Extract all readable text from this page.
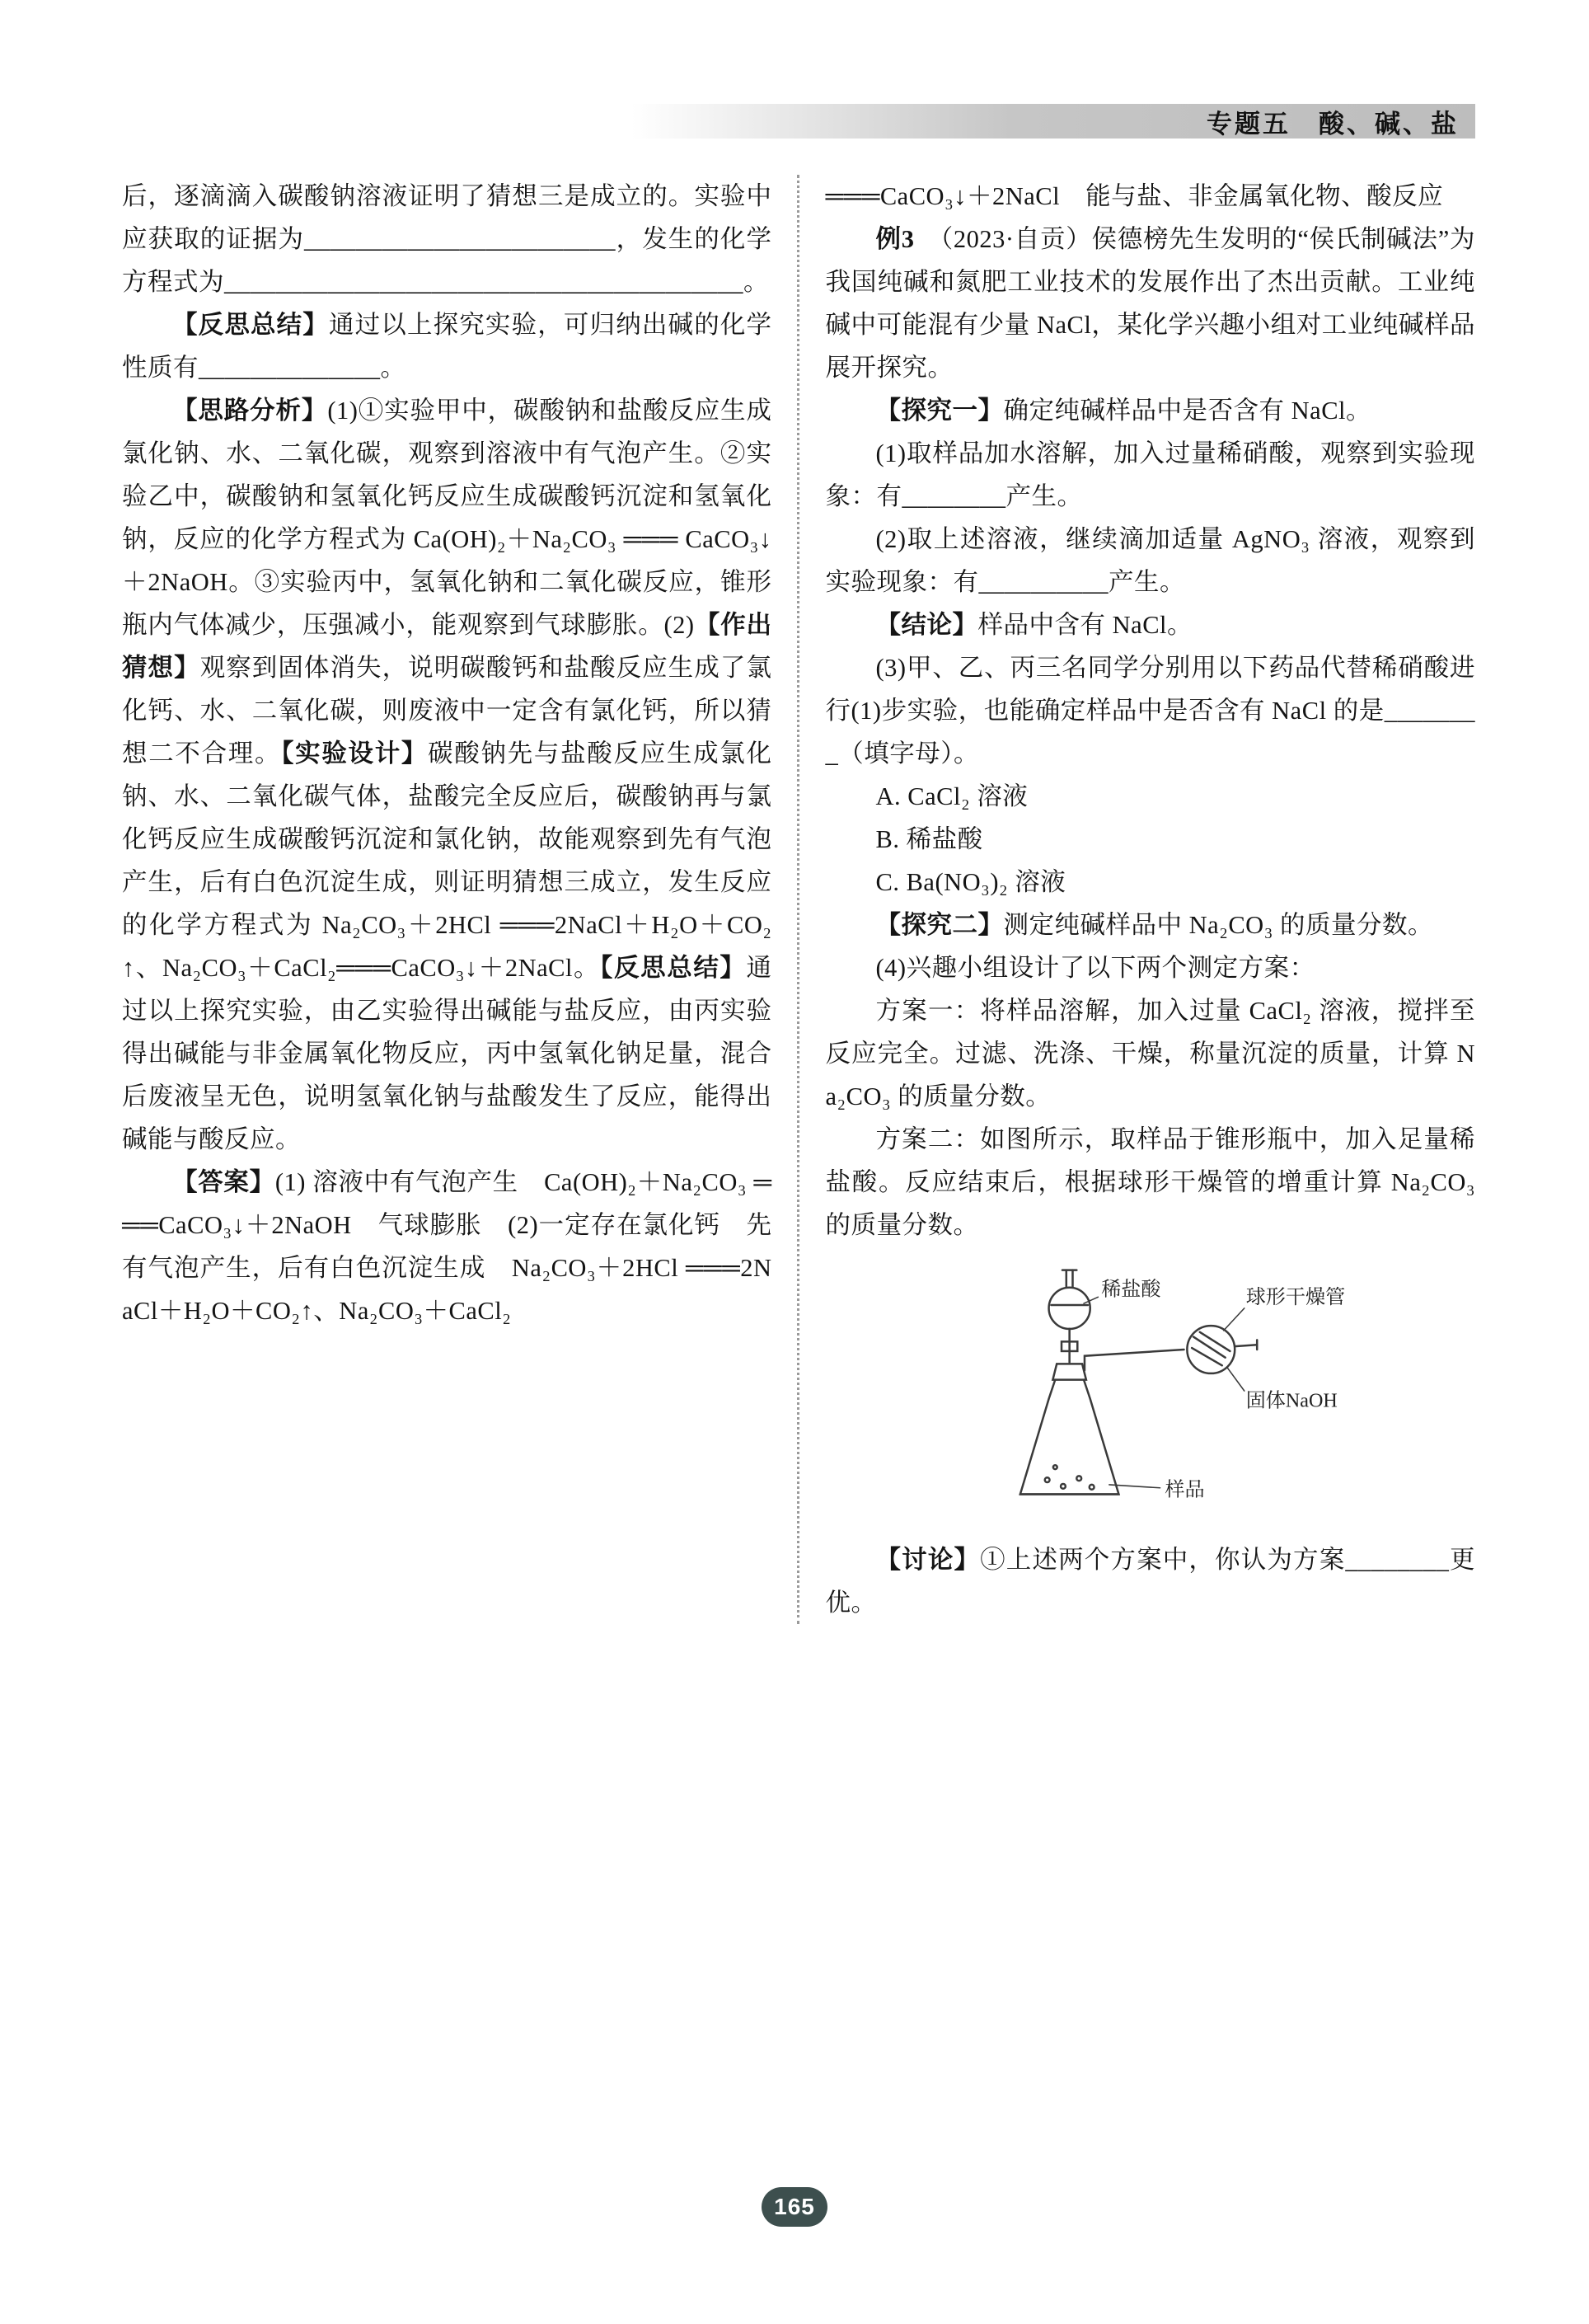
专题五　酸、碱、盐

后，逐滴滴入碳酸钠溶液证明了猜想三是成立的。实验中应获取的证据为________________________，发生的化学方程式为________________________________________。

【反思总结】通过以上探究实验，可归纳出碱的化学性质有______________。

【思路分析】(1)①实验甲中，碳酸钠和盐酸反应生成氯化钠、水、二氧化碳，观察到溶液中有气泡产生。②实验乙中，碳酸钠和氢氧化钙反应生成碳酸钙沉淀和氢氧化钠，反应的化学方程式为 Ca(OH)₂＋Na₂CO₃ ═══ CaCO₃↓＋2NaOH。③实验丙中，氢氧化钠和二氧化碳反应，锥形瓶内气体减少，压强减小，能观察到气球膨胀。(2)【作出猜想】观察到固体消失，说明碳酸钙和盐酸反应生成了氯化钙、水、二氧化碳，则废液中一定含有氯化钙，所以猜想二不合理。【实验设计】碳酸钠先与盐酸反应生成氯化钠、水、二氧化碳气体，盐酸完全反应后，碳酸钠再与氯化钙反应生成碳酸钙沉淀和氯化钠，故能观察到先有气泡产生，后有白色沉淀生成，则证明猜想三成立，发生反应的化学方程式为 Na₂CO₃＋2HCl ═══2NaCl＋H₂O＋CO₂↑、Na₂CO₃＋CaCl₂═══CaCO₃↓＋2NaCl。【反思总结】通过以上探究实验，由乙实验得出碱能与盐反应，由丙实验得出碱能与非金属氧化物反应，丙中氢氧化钠足量，混合后废液呈无色，说明氢氧化钠与盐酸发生了反应，能得出碱能与酸反应。

【答案】(1) 溶液中有气泡产生　Ca(OH)₂＋Na₂CO₃ ═══CaCO₃↓＋2NaOH　气球膨胀　(2)一定存在氯化钙　先有气泡产生，后有白色沉淀生成　Na₂CO₃＋2HCl ═══2NaCl＋H₂O＋CO₂↑、Na₂CO₃＋CaCl₂

═══CaCO₃↓＋2NaCl　能与盐、非金属氧化物、酸反应

例3　（2023·自贡）侯德榜先生发明的“侯氏制碱法”为我国纯碱和氮肥工业技术的发展作出了杰出贡献。工业纯碱中可能混有少量 NaCl，某化学兴趣小组对工业纯碱样品展开探究。

【探究一】确定纯碱样品中是否含有 NaCl。

(1)取样品加水溶解，加入过量稀硝酸，观察到实验现象：有________产生。

(2)取上述溶液，继续滴加适量 AgNO₃ 溶液，观察到实验现象：有__________产生。

【结论】样品中含有 NaCl。

(3)甲、乙、丙三名同学分别用以下药品代替稀硝酸进行(1)步实验，也能确定样品中是否含有 NaCl 的是________（填字母）。

A. CaCl₂ 溶液

B. 稀盐酸

C. Ba(NO₃)₂ 溶液

【探究二】测定纯碱样品中 Na₂CO₃ 的质量分数。

(4)兴趣小组设计了以下两个测定方案：

方案一：将样品溶解，加入过量 CaCl₂ 溶液，搅拌至反应完全。过滤、洗涤、干燥，称量沉淀的质量，计算 Na₂CO₃ 的质量分数。

方案二：如图所示，取样品于锥形瓶中，加入足量稀盐酸。反应结束后，根据球形干燥管的增重计算 Na₂CO₃ 的质量分数。

稀盐酸	球形干燥管
固体NaOH
样品

【讨论】①上述两个方案中，你认为方案________更优。

165
